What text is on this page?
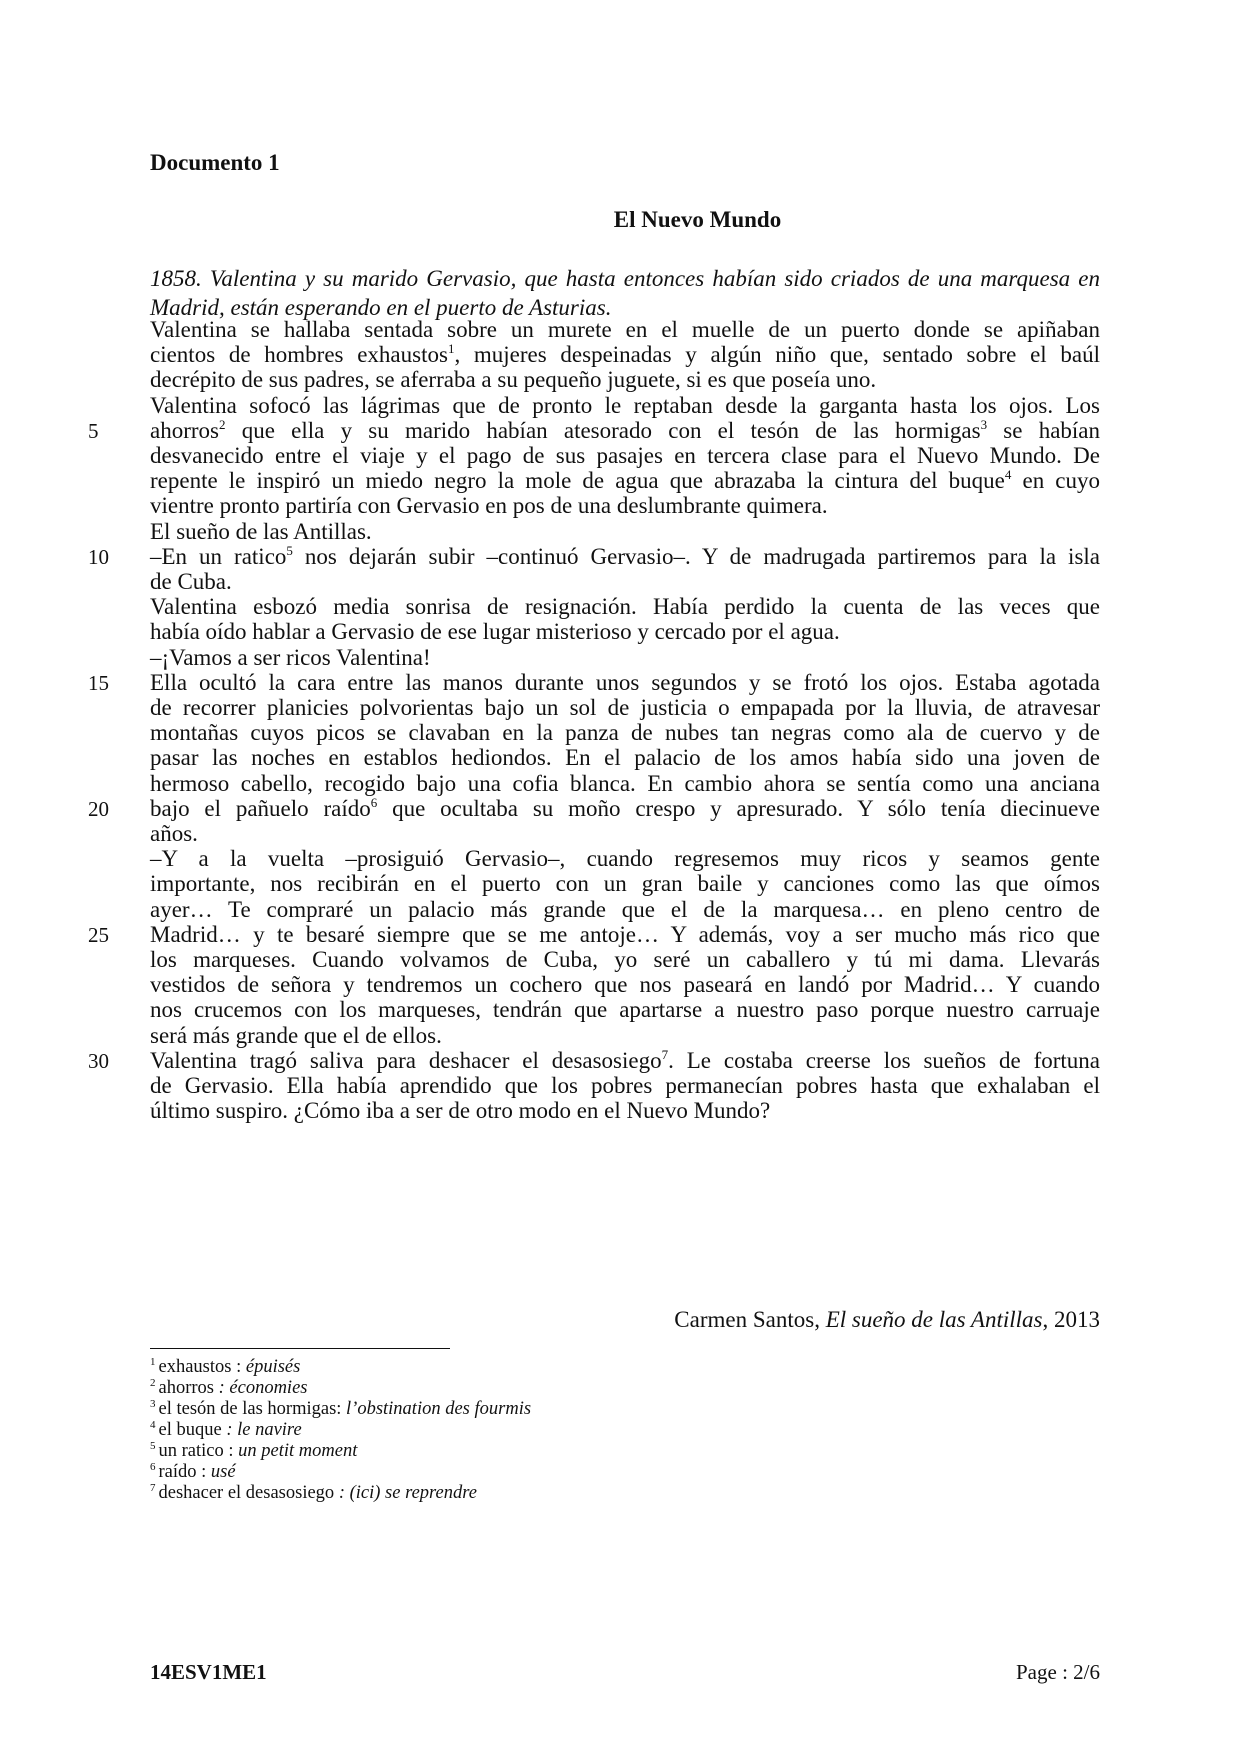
Documento 1
El Nuevo Mundo
1858. Valentina y su marido Gervasio, que hasta entonces habían sido criados de una marquesa en Madrid, están esperando en el puerto de Asturias.
Valentina se hallaba sentada sobre un murete en el muelle de un puerto donde se apiñaban
cientos de hombres exhaustos$^1$, mujeres despeinadas y algún niño que, sentado sobre el baúl
decrépito de sus padres, se aferraba a su pequeño juguete, si es que poseía uno.
Valentina sofocó las lágrimas que de pronto le reptaban desde la garganta hasta los ojos. Los
ahorros$^2$ que ella y su marido habían atesorado con el tesón de las hormigas$^3$ se habían
5
desvanecido entre el viaje y el pago de sus pasajes en tercera clase para el Nuevo Mundo. De
repente le inspiró un miedo negro la mole de agua que abrazaba la cintura del buque$^4$ en cuyo
vientre pronto partiría con Gervasio en pos de una deslumbrante quimera.
El sueño de las Antillas.
–En un ratico$^5$ nos dejarán subir –continuó Gervasio–. Y de madrugada partiremos para la isla
10
de Cuba.
Valentina esbozó media sonrisa de resignación. Había perdido la cuenta de las veces que
había oído hablar a Gervasio de ese lugar misterioso y cercado por el agua.
–¡Vamos a ser ricos Valentina!
Ella ocultó la cara entre las manos durante unos segundos y se frotó los ojos. Estaba agotada
15
de recorrer planicies polvorientas bajo un sol de justicia o empapada por la lluvia, de atravesar
montañas cuyos picos se clavaban en la panza de nubes tan negras como ala de cuervo y de
pasar las noches en establos hediondos. En el palacio de los amos había sido una joven de
hermoso cabello, recogido bajo una cofia blanca. En cambio ahora se sentía como una anciana
bajo el pañuelo raído$^6$ que ocultaba su moño crespo y apresurado. Y sólo tenía diecinueve
20
años.
–Y a la vuelta –prosiguió Gervasio–, cuando regresemos muy ricos y seamos gente
importante, nos recibirán en el puerto con un gran baile y canciones como las que oímos
ayer… Te compraré un palacio más grande que el de la marquesa… en pleno centro de
Madrid… y te besaré siempre que se me antoje… Y además, voy a ser mucho más rico que
25
los marqueses. Cuando volvamos de Cuba, yo seré un caballero y tú mi dama. Llevarás
vestidos de señora y tendremos un cochero que nos paseará en landó por Madrid… Y cuando
nos crucemos con los marqueses, tendrán que apartarse a nuestro paso porque nuestro carruaje
será más grande que el de ellos.
Valentina tragó saliva para deshacer el desasosiego$^7$. Le costaba creerse los sueños de fortuna
30
de Gervasio. Ella había aprendido que los pobres permanecían pobres hasta que exhalaban el
último suspiro. ¿Cómo iba a ser de otro modo en el Nuevo Mundo?
Carmen Santos, El sueño de las Antillas, 2013
$^1$ exhaustos : épuisés
$^2$ ahorros : économies
$^3$ el tesón de las hormigas: l’obstination des fourmis
$^4$ el buque : le navire
$^5$ un ratico : un petit moment
$^6$ raído : usé
$^7$ deshacer el desasosiego : (ici) se reprendre
14ESV1ME1	Page : 2/6
